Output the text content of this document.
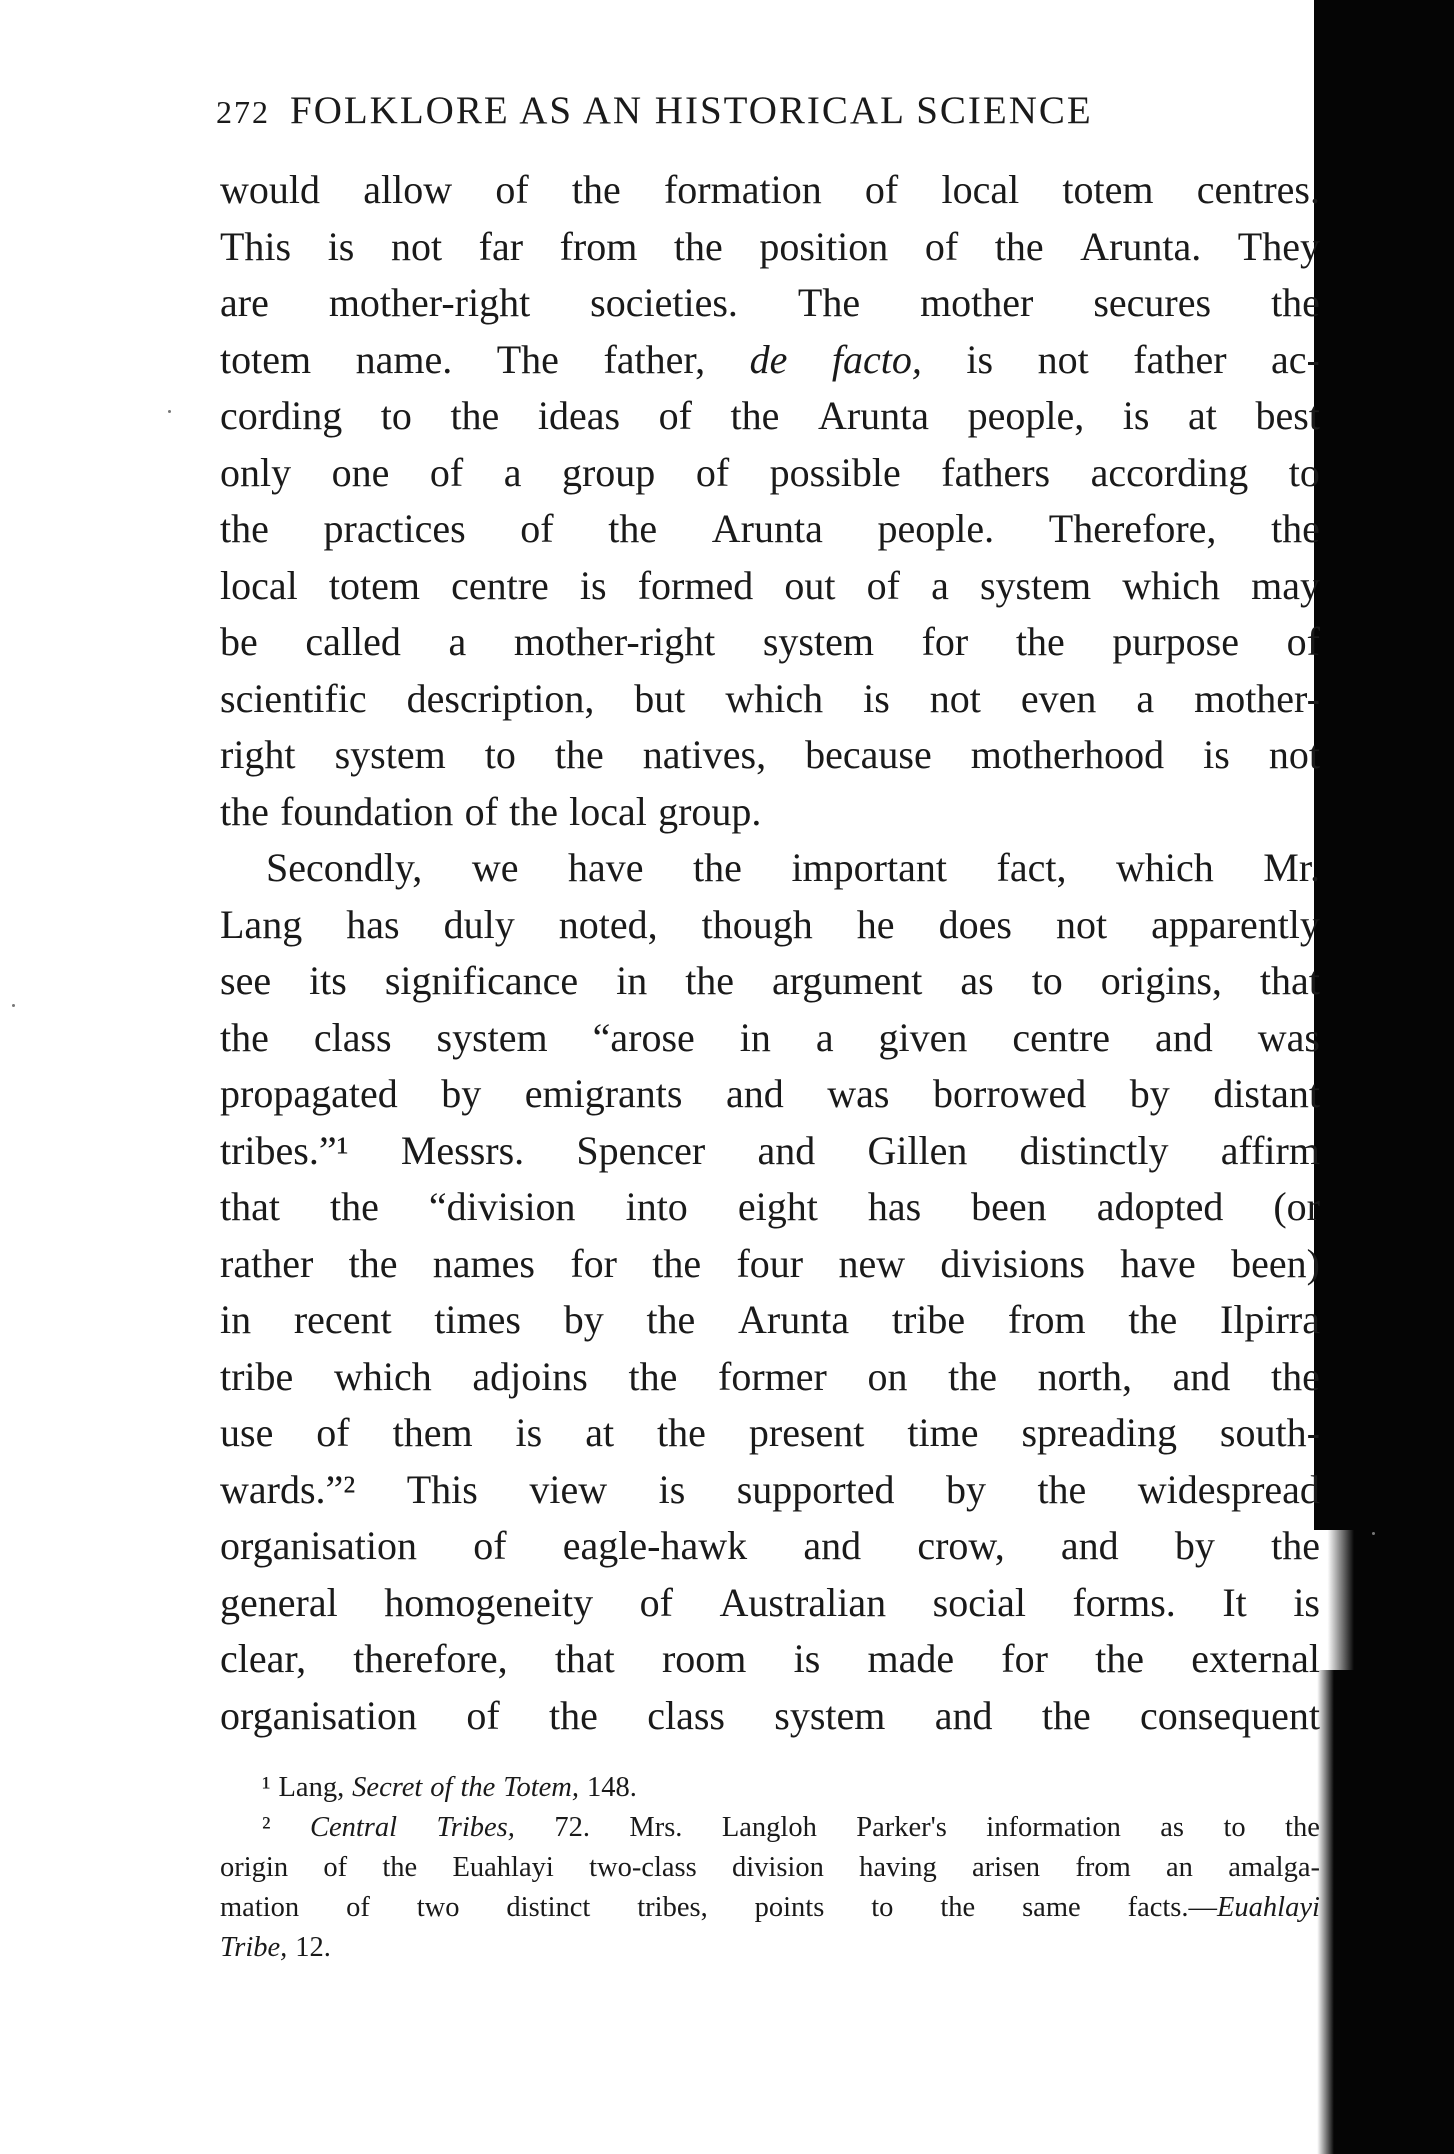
272 FOLKLORE AS AN HISTORICAL SCIENCE
would allow of the formation of local totem centres.
This is not far from the position of the Arunta. They
are mother-right societies. The mother secures the
totem name. The father, de facto, is not father ac-
cording to the ideas of the Arunta people, is at best
only one of a group of possible fathers according to
the practices of the Arunta people. Therefore, the
local totem centre is formed out of a system which may
be called a mother-right system for the purpose of
scientific description, but which is not even a mother-
right system to the natives, because motherhood is not
the foundation of the local group.
Secondly, we have the important fact, which Mr.
Lang has duly noted, though he does not apparently
see its significance in the argument as to origins, that
the class system “arose in a given centre and was
propagated by emigrants and was borrowed by distant
tribes.”¹ Messrs. Spencer and Gillen distinctly affirm
that the “division into eight has been adopted (or
rather the names for the four new divisions have been)
in recent times by the Arunta tribe from the Ilpirra
tribe which adjoins the former on the north, and the
use of them is at the present time spreading south-
wards.”² This view is supported by the widespread
organisation of eagle-hawk and crow, and by the
general homogeneity of Australian social forms. It is
clear, therefore, that room is made for the external
organisation of the class system and the consequent
¹ Lang, Secret of the Totem, 148.
² Central Tribes, 72. Mrs. Langloh Parker's information as to the
origin of the Euahlayi two-class division having arisen from an amalga-
mation of two distinct tribes, points to the same facts.—Euahlayi
Tribe, 12.
